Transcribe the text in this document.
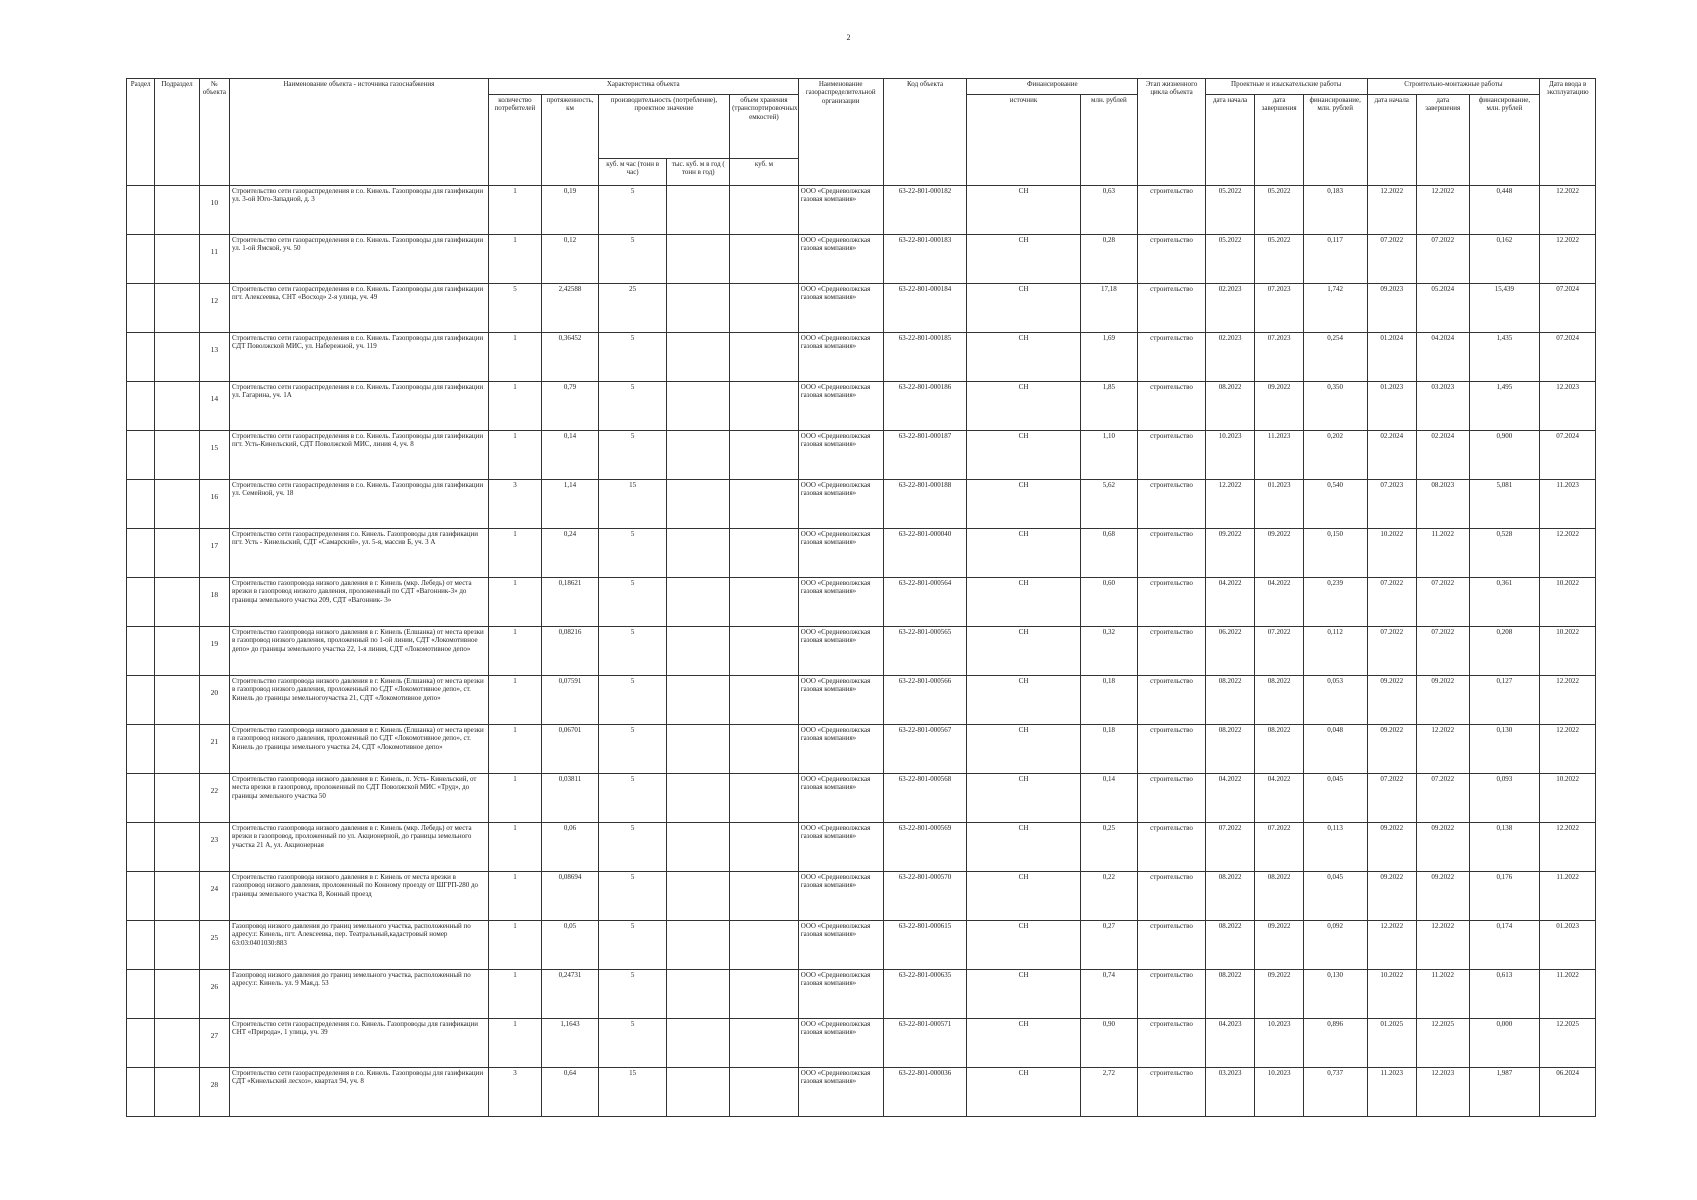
2
Раздел	Подраздел	№ объекта	Наименование объекта - источника газоснабжения	Характеристика объекта					Наименование газораспределительной организации	Код объекта	Финансирование		Этап жизненного цикла объекта	Проектные и изыскательские работы			Строительно-монтажные работы			Дата ввода в эксплуатацию
				количество потребителей	протяженность, км	производительность (потребление), проектное значение		объем хранения (транспортировочных емкостей)			источник	млн. рублей		дата начала	дата завершения	финансирование, млн. рублей	дата начала	дата завершения	финансирование, млн. рублей	
						куб. м час (тонн в час)	тыс. куб. м в год ( тонн в год)	куб. м												

		10	Строительство сети газораспределения в г.о. Кинель. Газопроводы для газификации ул. 3-ой Юго-Западной, д. 3	1	0,19	5			ООО «Средневолжская газовая компания»	63-22-801-000182	СН	0,63	строительство	05.2022	05.2022	0,183	12.2022	12.2022	0,448	12.2022

		11	Строительство сети газораспределения в г.о. Кинель. Газопроводы для газификации ул. 1-ой Ямской, уч. 50	1	0,12	5			ООО «Средневолжская газовая компания»	63-22-801-000183	СН	0,28	строительство	05.2022	05.2022	0,117	07.2022	07.2022	0,162	12.2022

		12	Строительство сети газораспределения в г.о. Кинель. Газопроводы для газификации пгт. Алексеевка, СНТ «Восход» 2-я улица, уч. 49	5	2,42588	25			ООО «Средневолжская газовая компания»	63-22-801-000184	СН	17,18	строительство	02.2023	07.2023	1,742	09.2023	05.2024	15,439	07.2024

		13	Строительство сети газораспределения в г.о. Кинель. Газопроводы для газификации СДТ Поволжской МИС, ул. Набережной, уч. 119	1	0,36452	5			ООО «Средневолжская газовая компания»	63-22-801-000185	СН	1,69	строительство	02.2023	07.2023	0,254	01.2024	04.2024	1,435	07.2024

		14	Строительство сети газораспределения в г.о. Кинель. Газопроводы для газификации ул. Гагарина, уч. 1А	1	0,79	5			ООО «Средневолжская газовая компания»	63-22-801-000186	СН	1,85	строительство	08.2022	09.2022	0,350	01.2023	03.2023	1,495	12.2023

		15	Строительство сети газораспределения в г.о. Кинель. Газопроводы для газификации пгт. Усть-Кинельский, СДТ Поволжской МИС, линия 4, уч. 8	1	0,14	5			ООО «Средневолжская газовая компания»	63-22-801-000187	СН	1,10	строительство	10.2023	11.2023	0,202	02.2024	02.2024	0,900	07.2024

		16	Строительство сети газораспределения в г.о. Кинель. Газопроводы для газификации ул. Семейной, уч. 18	3	1,14	15			ООО «Средневолжская газовая компания»	63-22-801-000188	СН	5,62	строительство	12.2022	01.2023	0,540	07.2023	08.2023	5,081	11.2023

		17	Строительство сети газораспределения г.о. Кинель. Газопроводы для газификации пгт. Усть - Кинельский, СДТ «Самарский», ул. 5-я, массив Б, уч. 3 А	1	0,24	5			ООО «Средневолжская газовая компания»	63-22-801-000040	СН	0,68	строительство	09.2022	09.2022	0,150	10.2022	11.2022	0,528	12.2022

		18	Строительство газопровода низкого давления в г. Кинель (мкр. Лебедь) от места врезки в газопровод низкого давления, проложенный по СДТ «Вагонник-3» до границы земельного участка 209, СДТ «Вагонник- 3»	1	0,18621	5			ООО «Средневолжская газовая компания»	63-22-801-000564	СН	0,60	строительство	04.2022	04.2022	0,239	07.2022	07.2022	0,361	10.2022

		19	Строительство газопровода низкого давления в г. Кинель (Елшанка) от места врезки в газопровод низкого давления, проложенный по 1-ой линии, СДТ «Локомотивное депо» до границы земельного участка 22, 1-я линия, СДТ «Локомотивное депо»	1	0,08216	5			ООО «Средневолжская газовая компания»	63-22-801-000565	СН	0,32	строительство	06.2022	07.2022	0,112	07.2022	07.2022	0,208	10.2022

		20	Строительство газопровода низкого давления в г. Кинель (Елшанка) от места врезки в газопровод низкого давления, проложенный по СДТ «Локомотивное депо», ст. Кинель до границы земельногоучастка 21, СДТ «Локомотивное депо»	1	0,07591	5			ООО «Средневолжская газовая компания»	63-22-801-000566	СН	0,18	строительство	08.2022	08.2022	0,053	09.2022	09.2022	0,127	12.2022

		21	Строительство газопровода низкого давления в г. Кинель (Елшанка) от места врезки в газопровод низкого давления, проложенный по СДТ «Локомотивное депо», ст. Кинель до границы земельного участка 24, СДТ «Локомотивное депо»	1	0,06701	5			ООО «Средневолжская газовая компания»	63-22-801-000567	СН	0,18	строительство	08.2022	08.2022	0,048	09.2022	12.2022	0,130	12.2022

		22	Строительство газопровода низкого давления в г. Кинель, п. Усть- Кинельский, от места врезки в газопровод, проложенный по СДТ Поволжской МИС «Труд», до границы земельного участка 50	1	0,03811	5			ООО «Средневолжская газовая компания»	63-22-801-000568	СН	0,14	строительство	04.2022	04.2022	0,045	07.2022	07.2022	0,093	10.2022

		23	Строительство газопровода низкого давления в г. Кинель (мкр. Лебедь) от места врезки в газопровод, проложенный по ул. Акционерной, до границы земельного участка 21 А, ул. Акционерная	1	0,06	5			ООО «Средневолжская газовая компания»	63-22-801-000569	СН	0,25	строительство	07.2022	07.2022	0,113	09.2022	09.2022	0,138	12.2022

		24	Строительство газопровода низкого давления в г. Кинель от места врезки в газопровод низкого давления, проложенный по Конному проезду от ШГРП-280 до границы земельного участка 8, Конный проезд	1	0,08694	5			ООО «Средневолжская газовая компания»	63-22-801-000570	СН	0,22	строительство	08.2022	08.2022	0,045	09.2022	09.2022	0,176	11.2022

		25	Газопровод низкого давления до границ земельного участка, расположенный по адресу:г. Кинель, пгт. Алексеевка, пер. Театральный,кадастровый номер 63:03:0401030:883	1	0,05	5			ООО «Средневолжская газовая компания»	63-22-801-000615	СН	0,27	строительство	08.2022	09.2022	0,092	12.2022	12.2022	0,174	01.2023

		26	Газопровод низкого давления до границ земельного участка, расположенный по адресу:г. Кинель. ул. 9 Мая,д. 53	1	0,24731	5			ООО «Средневолжская газовая компания»	63-22-801-000635	СН	0,74	строительство	08.2022	09.2022	0,130	10.2022	11.2022	0,613	11.2022

		27	Строительство сети газораспределения г.о. Кинель. Газопроводы для газификации СНТ «Природа», 1 улица, уч. 39	1	1,1643	5			ООО «Средневолжская газовая компания»	63-22-801-000571	СН	0,90	строительство	04.2023	10.2023	0,896	01.2025	12.2025	0,000	12.2025

		28	Строительство сети газораспределения в г.о. Кинель. Газопроводы для газификации СДТ «Кинельский лесхоз», квартал 94, уч. 8	3	0,64	15			ООО «Средневолжская газовая компания»	63-22-801-000036	СН	2,72	строительство	03.2023	10.2023	0,737	11.2023	12.2023	1,987	06.2024
